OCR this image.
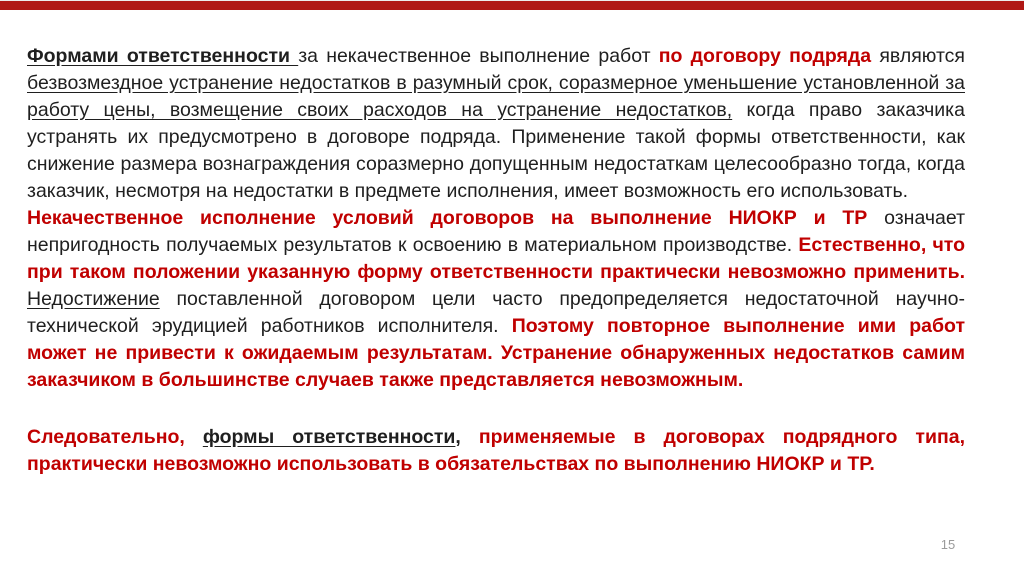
Формами ответственности за некачественное выполнение работ по договору подряда являются безвозмездное устранение недостатков в разумный срок, соразмерное уменьшение установленной за работу цены, возмещение своих расходов на устранение недостатков, когда право заказчика устранять их предусмотрено в договоре подряда. Применение такой формы ответственности, как снижение размера вознаграждения соразмерно допущенным недостаткам целесообразно тогда, когда заказчик, несмотря на недостатки в предмете исполнения, имеет возможность его использовать.

Некачественное исполнение условий договоров на выполнение НИОКР и ТР означает непригодность получаемых результатов к освоению в материальном производстве. Естественно, что при таком положении указанную форму ответственности практически невозможно применить. Недостижение поставленной договором цели часто предопределяется недостаточной научно-технической эрудицией работников исполнителя. Поэтому повторное выполнение ими работ может не привести к ожидаемым результатам. Устранение обнаруженных недостатков самим заказчиком в большинстве случаев также представляется невозможным.

Следовательно, формы ответственности, применяемые в договорах подрядного типа, практически невозможно использовать в обязательствах по выполнению НИОКР и ТР.

15
